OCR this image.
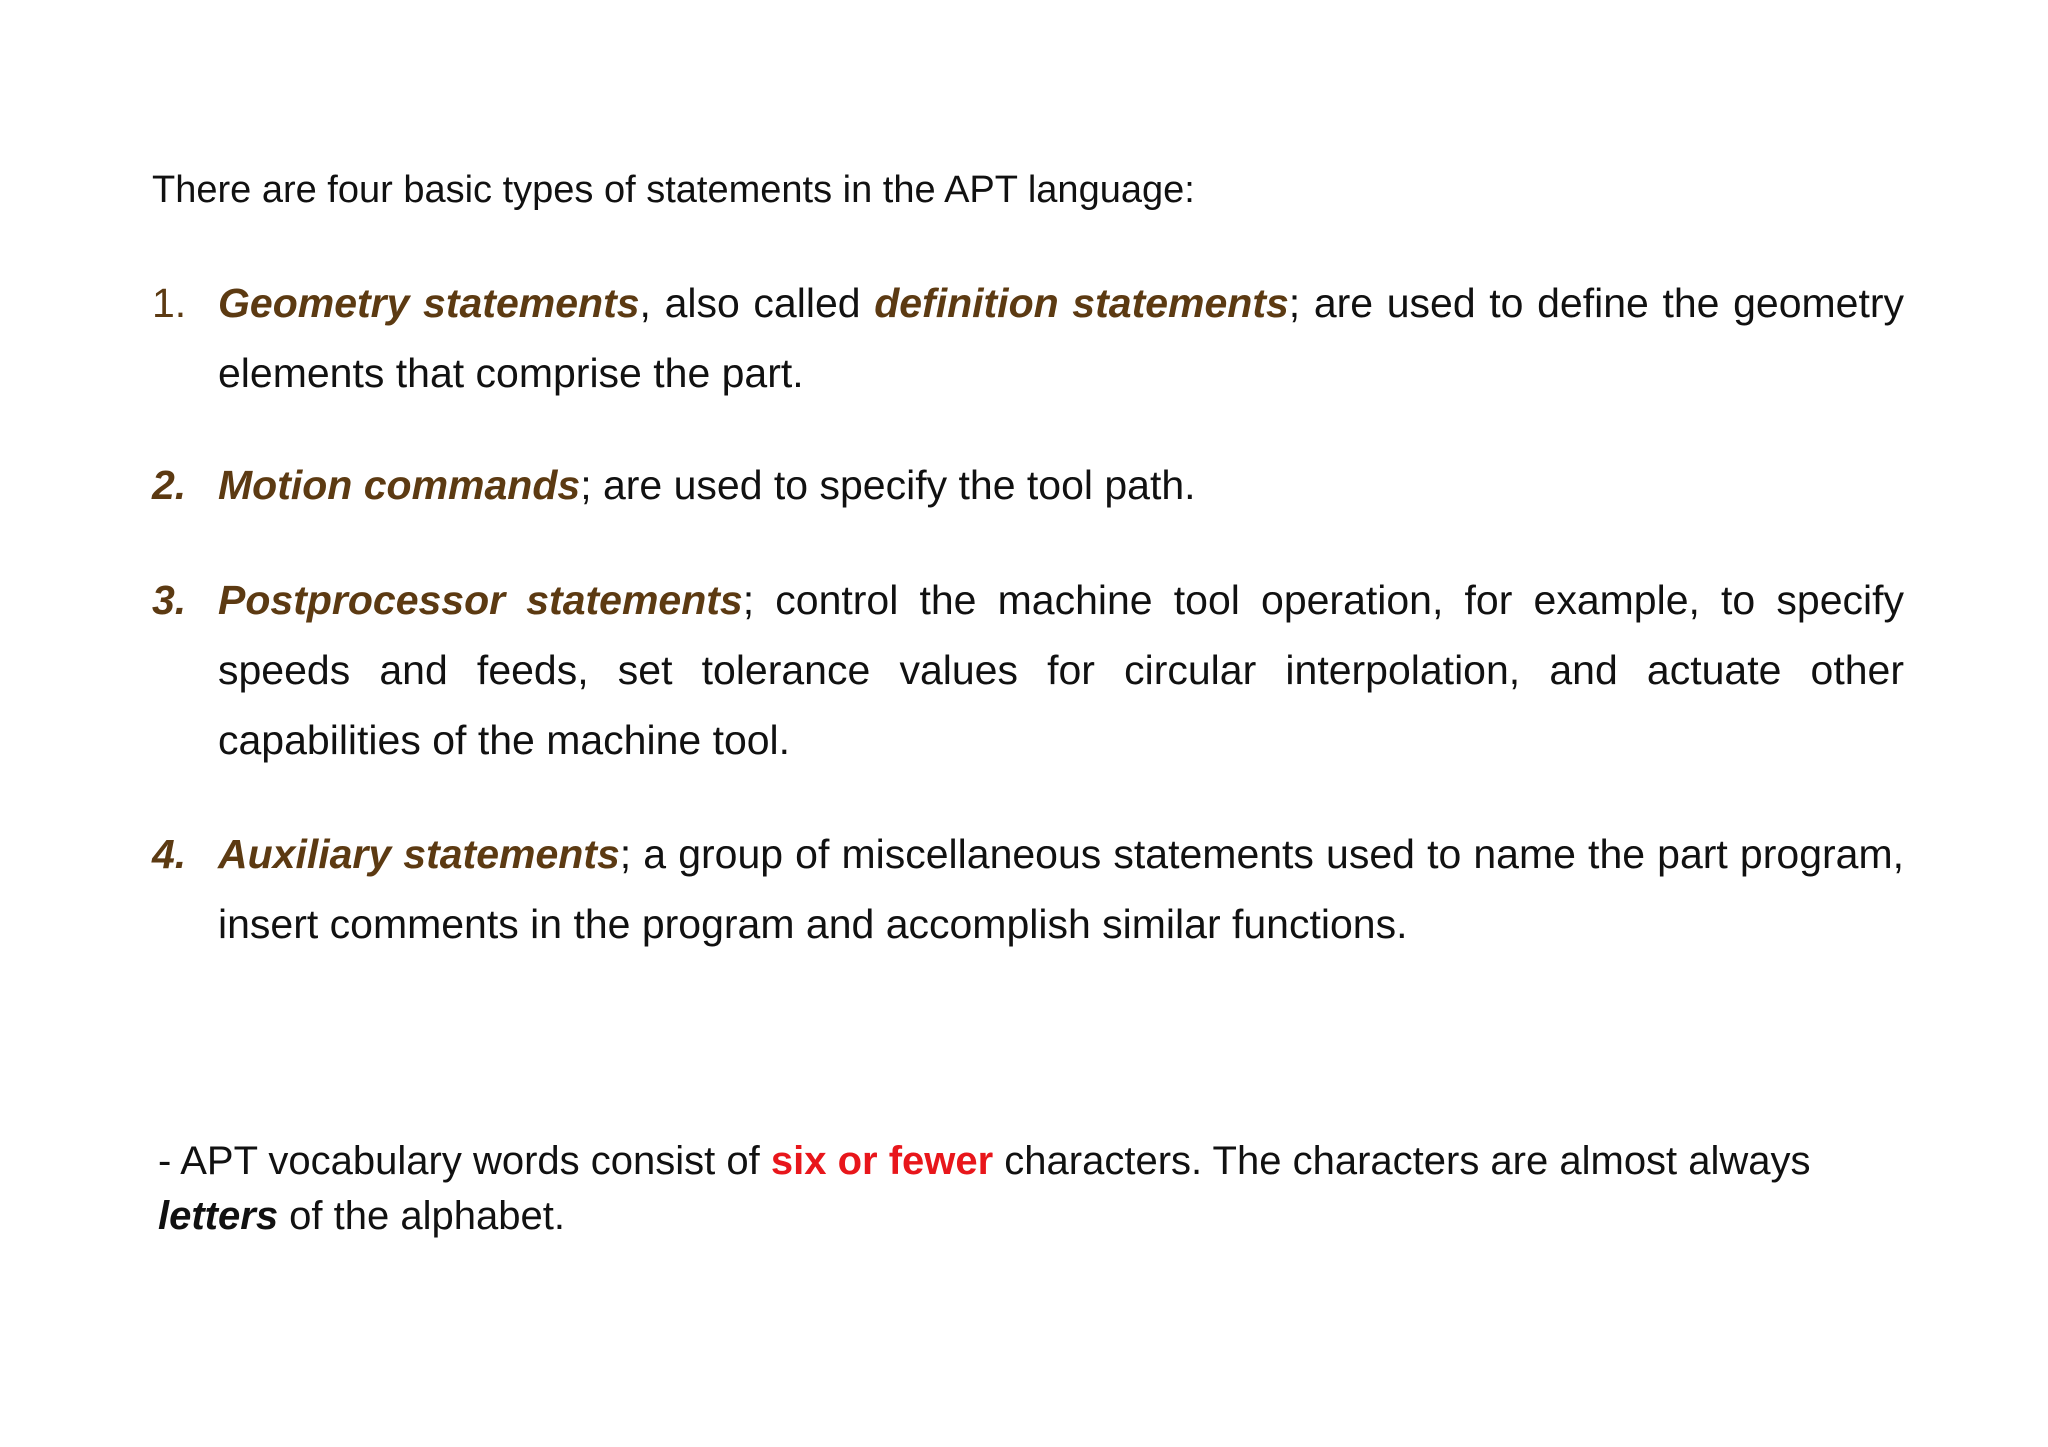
There are four basic types of statements in the APT language:

1. Geometry statements, also called definition statements; are used to define the geometry elements that comprise the part.
2. Motion commands; are used to specify the tool path.
3. Postprocessor statements; control the machine tool operation, for example, to specify speeds and feeds, set tolerance values for circular interpolation, and actuate other capabilities of the machine tool.
4. Auxiliary statements; a group of miscellaneous statements used to name the part program, insert comments in the program and accomplish similar functions.

- APT vocabulary words consist of six or fewer characters. The characters are almost always letters of the alphabet.
